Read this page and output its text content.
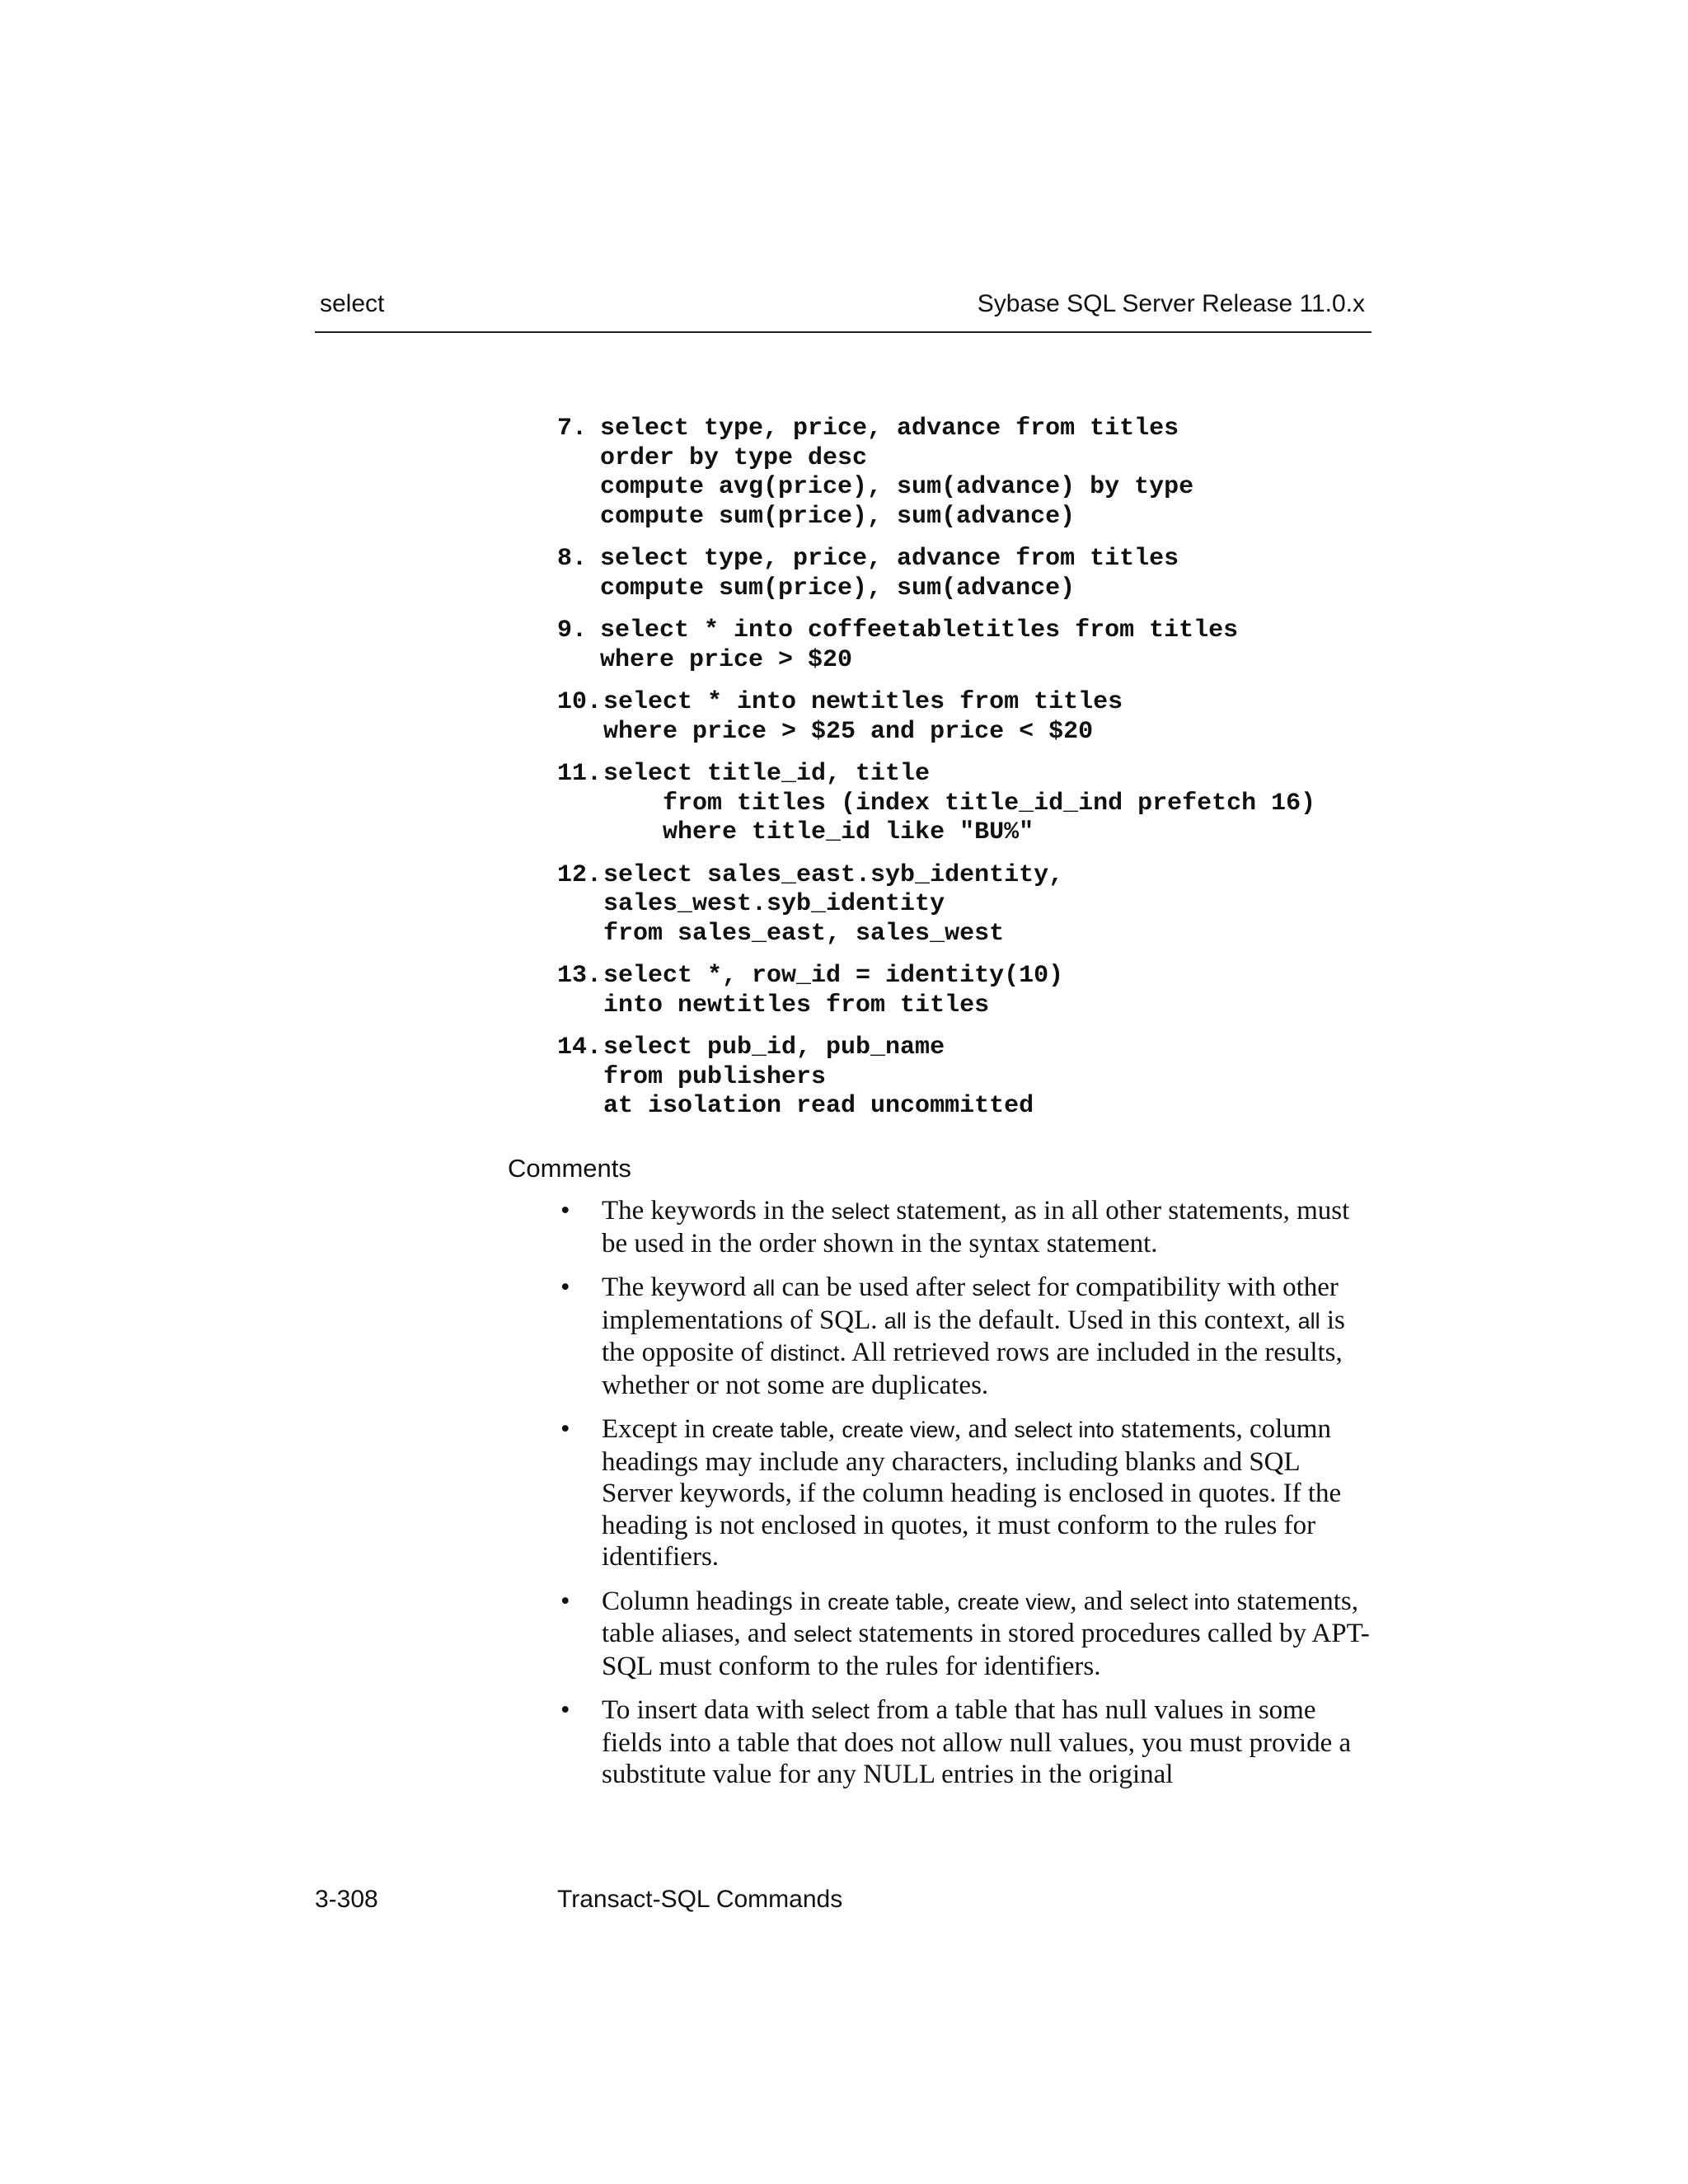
select	Sybase SQL Server Release 11.0.x
7. select type, price, advance from titles
order by type desc
compute avg(price), sum(advance) by type
compute sum(price), sum(advance)
8. select type, price, advance from titles
compute sum(price), sum(advance)
9. select * into coffeetabletitles from titles
where price > $20
10. select * into newtitles from titles
where price > $25 and price < $20
11. select title_id, title
from titles (index title_id_ind prefetch 16)
where title_id like "BU%"
12. select sales_east.syb_identity,
sales_west.syb_identity
from sales_east, sales_west
13. select *, row_id = identity(10)
into newtitles from titles
14. select pub_id, pub_name
from publishers
at isolation read uncommitted
Comments
•	The keywords in the select statement, as in all other statements, must be used in the order shown in the syntax statement.
•	The keyword all can be used after select for compatibility with other implementations of SQL. all is the default. Used in this context, all is the opposite of distinct. All retrieved rows are included in the results, whether or not some are duplicates.
•	Except in create table, create view, and select into statements, column headings may include any characters, including blanks and SQL Server keywords, if the column heading is enclosed in quotes. If the heading is not enclosed in quotes, it must conform to the rules for identifiers.
•	Column headings in create table, create view, and select into statements, table aliases, and select statements in stored procedures called by APT-SQL must conform to the rules for identifiers.
•	To insert data with select from a table that has null values in some fields into a table that does not allow null values, you must provide a substitute value for any NULL entries in the original
3-308	Transact-SQL Commands
